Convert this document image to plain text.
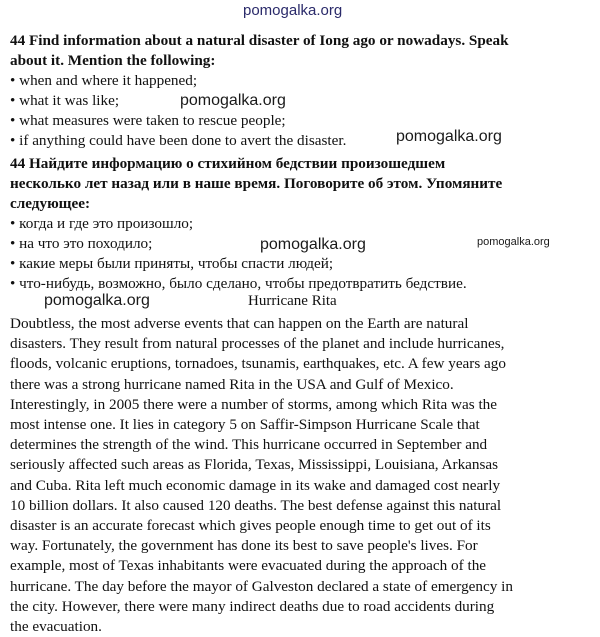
pomogalka.org
pomogalka.org
pomogalka.org
pomogalka.org	pomogalka.org
pomogalka.org
44 Find information about a natural disaster of Iong ago or nowadays. Speak
about it. Mention the following:
• when and where it happened;
• what it was like;
• what measures were taken to rescue people;
• if anything could have been done to avert the disaster.
44 Найдите информацию о стихийном бедствии произошедшем
несколько лет назад или в наше время. Поговорите об этом. Упомяните
следующее:
• когда и где это произошло;
• на что это походило;
• какие меры были приняты, чтобы спасти людей;
• что-нибудь, возможно, было сделано, чтобы предотвратить бедствие.
Hurricane Rita
Doubtless, the most adverse events that can happen on the Earth are natural
disasters. They result from natural processes of the planet and include hurricanes,
floods, volcanic eruptions, tornadoes, tsunamis, earthquakes, etc. A few years ago
there was a strong hurricane named Rita in the USA and Gulf of Mexico.
Interestingly, in 2005 there were a number of storms, among which Rita was the
most intense one. It lies in category 5 on Saffir-Simpson Hurricane Scale that
determines the strength of the wind. This hurricane occurred in September and
seriously affected such areas as Florida, Texas, Mississippi, Louisiana, Arkansas
and Cuba. Rita left much economic damage in its wake and damaged cost nearly
10 billion dollars. It also caused 120 deaths. The best defense against this natural
disaster is an accurate forecast which gives people enough time to get out of its
way. Fortunately, the government has done its best to save people's lives. For
example, most of Texas inhabitants were evacuated during the approach of the
hurricane. The day before the mayor of Galveston declared a state of emergency in
the city. However, there were many indirect deaths due to road accidents during
the evacuation.
